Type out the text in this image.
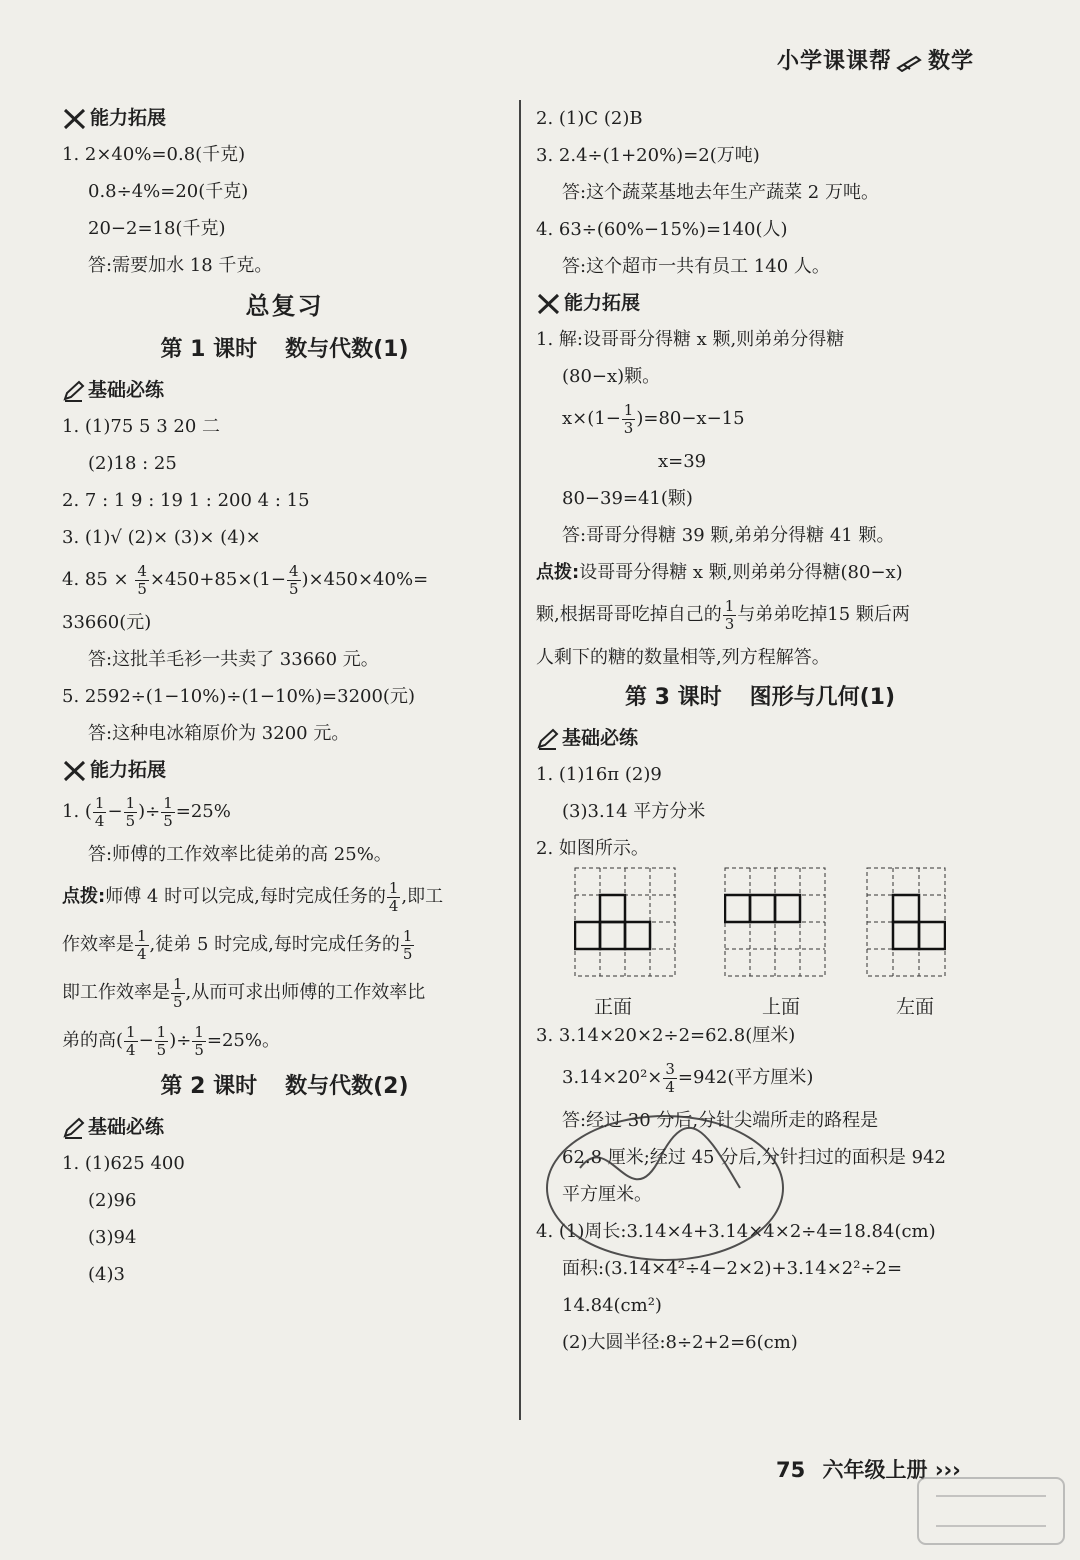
小学课课帮 数学
能力拓展
1. 2×40%=0.8(千克)
0.8÷4%=20(千克)
20−2=18(千克)
答:需要加水 18 千克。
总复习
第 1 课时 数与代数(1)
基础必练
1. (1)75 5 3 20 二
(2)18 : 25
2. 7 : 1 9 : 19 1 : 200 4 : 15
3. (1)√ (2)× (3)× (4)×
4. $85 \times \frac{4}{5} \times 450+85\times(1- \frac{4}{5} )\times 450\times 40\%=$
33660(元)
答:这批羊毛衫一共卖了 33660 元。
5. 2592÷(1−10%)÷(1−10%)=3200(元)
答:这种电冰箱原价为 3200 元。
能力拓展
1. ( $\frac{1}{4} - \frac{1}{5}$ )÷ $\frac{1}{5} =25\%$
答:师傅的工作效率比徒弟的高 25%。
点拨:师傅 4 时可以完成,每时完成任务的 $\frac{1}{4}$ ,即工
作效率是 $\frac{1}{4}$ ,徒弟 5 时完成,每时完成任务的 $\frac{1}{5}$
即工作效率是 $\frac{1}{5}$ ,从而可求出师傅的工作效率比
弟的高( $\frac{1}{4} - \frac{1}{5}$ )÷ $\frac{1}{5} =25\%$。
第 2 课时 数与代数(2)
基础必练
1. (1)625 400
(2)96
(3)94
(4)3
2. (1)C (2)B
3. 2.4÷(1+20%)=2(万吨)
答:这个蔬菜基地去年生产蔬菜 2 万吨。
4. 63÷(60%−15%)=140(人)
答:这个超市一共有员工 140 人。
能力拓展
1. 解:设哥哥分得糖 x 颗,则弟弟分得糖
(80−x)颗。
$x\times(1- \frac{1}{3} )=80-x-15$
x=39
80−39=41(颗)
答:哥哥分得糖 39 颗,弟弟分得糖 41 颗。
点拨:设哥哥分得糖 x 颗,则弟弟分得糖(80−x)
颗,根据哥哥吃掉自己的 $\frac{1}{3}$ 与弟弟吃掉15 颗后两
人剩下的糖的数量相等,列方程解答。
第 3 课时 图形与几何(1)
基础必练
1. (1)16π (2)9
(3)3.14 平方分米
2. 如图所示。
正面	上面	左面
3. 3.14×20×2÷2=62.8(厘米)
$3.14\times 20^2\times \frac{3}{4} =942$(平方厘米)
答:经过 30 分后,分针尖端所走的路程是
62.8 厘米;经过 45 分后,分针扫过的面积是 942
平方厘米。
4. (1)周长:3.14×4+3.14×4×2÷4=18.84(cm)
面积:(3.14×4²÷4−2×2)+3.14×2²÷2=
14.84(cm²)
(2)大圆半径:8÷2+2=6(cm)
75 六年级上册 ›››
